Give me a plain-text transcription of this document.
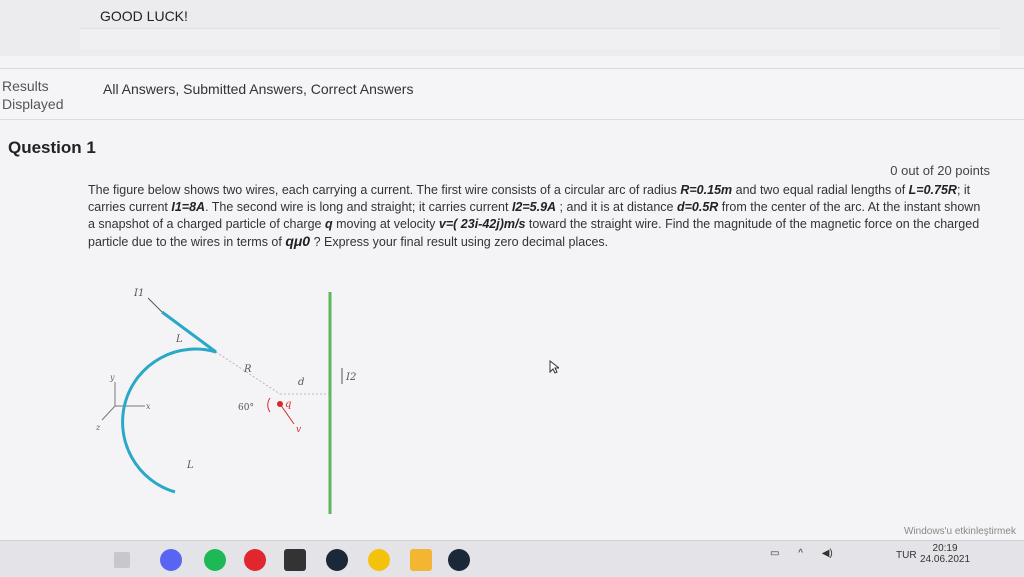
GOOD LUCK!
Results
Displayed
All Answers, Submitted Answers, Correct Answers
Question 1
0 out of 20 points
The figure below shows two wires, each carrying a current. The first wire consists of a circular arc of radius R=0.15m and two equal radial lengths of L=0.75R; it carries current I1=8A. The second wire is long and straight; it carries current I2=5.9A ; and it is at distance d=0.5R from the center of the arc. At the instant shown a snapshot of a charged particle of charge q moving at velocity v=( 23i-42j)m/s toward the straight wire. Find the magnitude of the magnetic force on the charged particle due to the wires in terms of qμ0 ? Express your final result using zero decimal places.
y
x
z
I1
L
L
R
d
q
v
60°
I2
Windows'u etkinleştirmek
▭ ^ ◀)	TUR
20:19
24.06.2021
